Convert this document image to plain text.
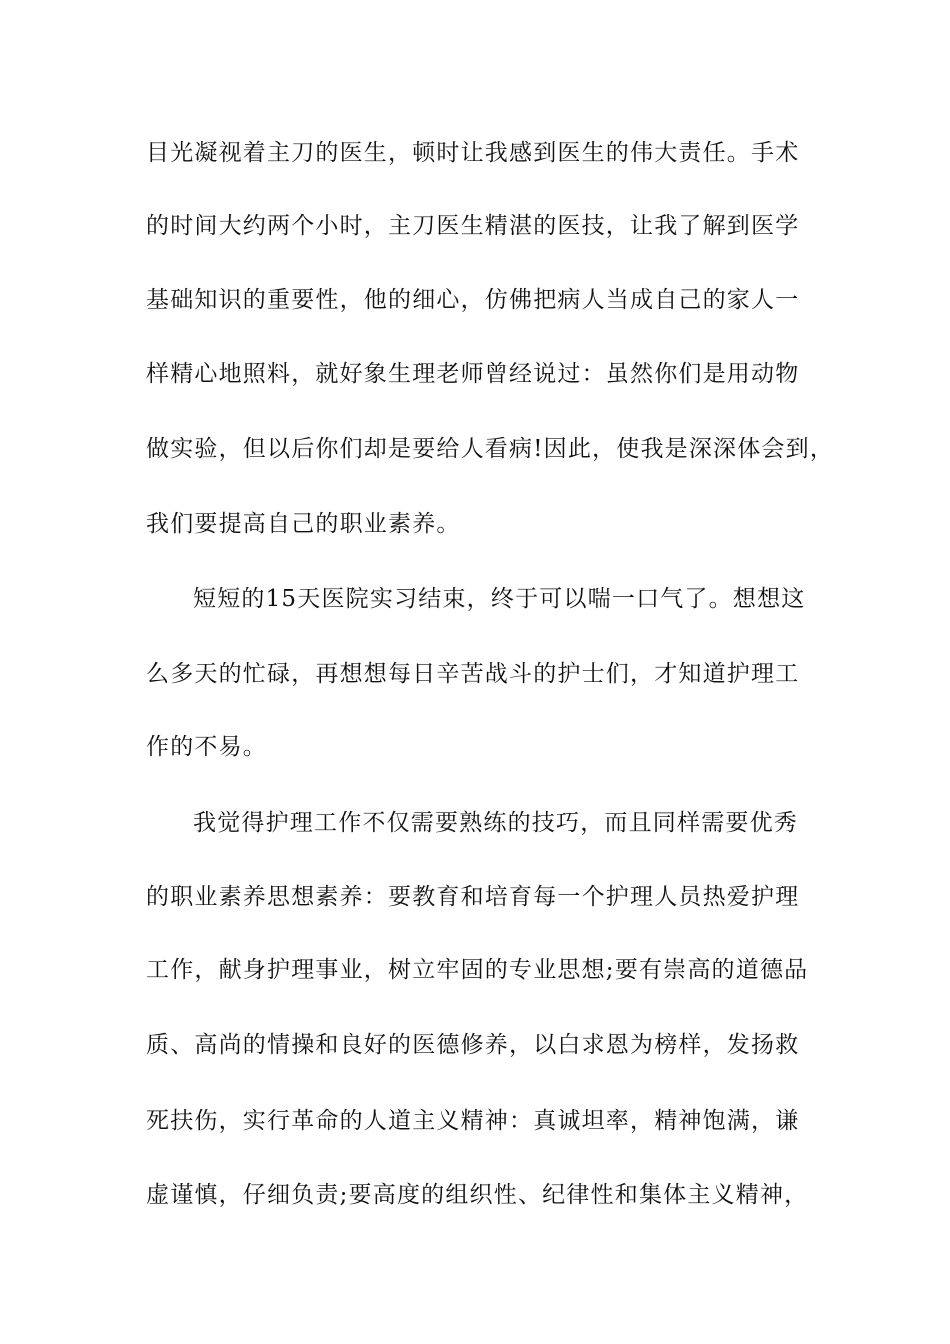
目光凝视着主刀的医生，顿时让我感到医生的伟大责任。手术
的时间大约两个小时，主刀医生精湛的医技，让我了解到医学
基础知识的重要性，他的细心，仿佛把病人当成自己的家人一
样精心地照料，就好象生理老师曾经说过：虽然你们是用动物
做实验，但以后你们却是要给人看病!因此，使我是深深体会到，
我们要提高自己的职业素养。
短短的15天医院实习结束，终于可以喘一口气了。想想这
么多天的忙碌，再想想每日辛苦战斗的护士们，才知道护理工
作的不易。
我觉得护理工作不仅需要熟练的技巧，而且同样需要优秀
的职业素养思想素养：要教育和培育每一个护理人员热爱护理
工作，献身护理事业，树立牢固的专业思想;要有崇高的道德品
质、高尚的情操和良好的医德修养，以白求恩为榜样，发扬救
死扶伤，实行革命的人道主义精神：真诚坦率，精神饱满，谦
虚谨慎，仔细负责;要高度的组织性、纪律性和集体主义精神，
